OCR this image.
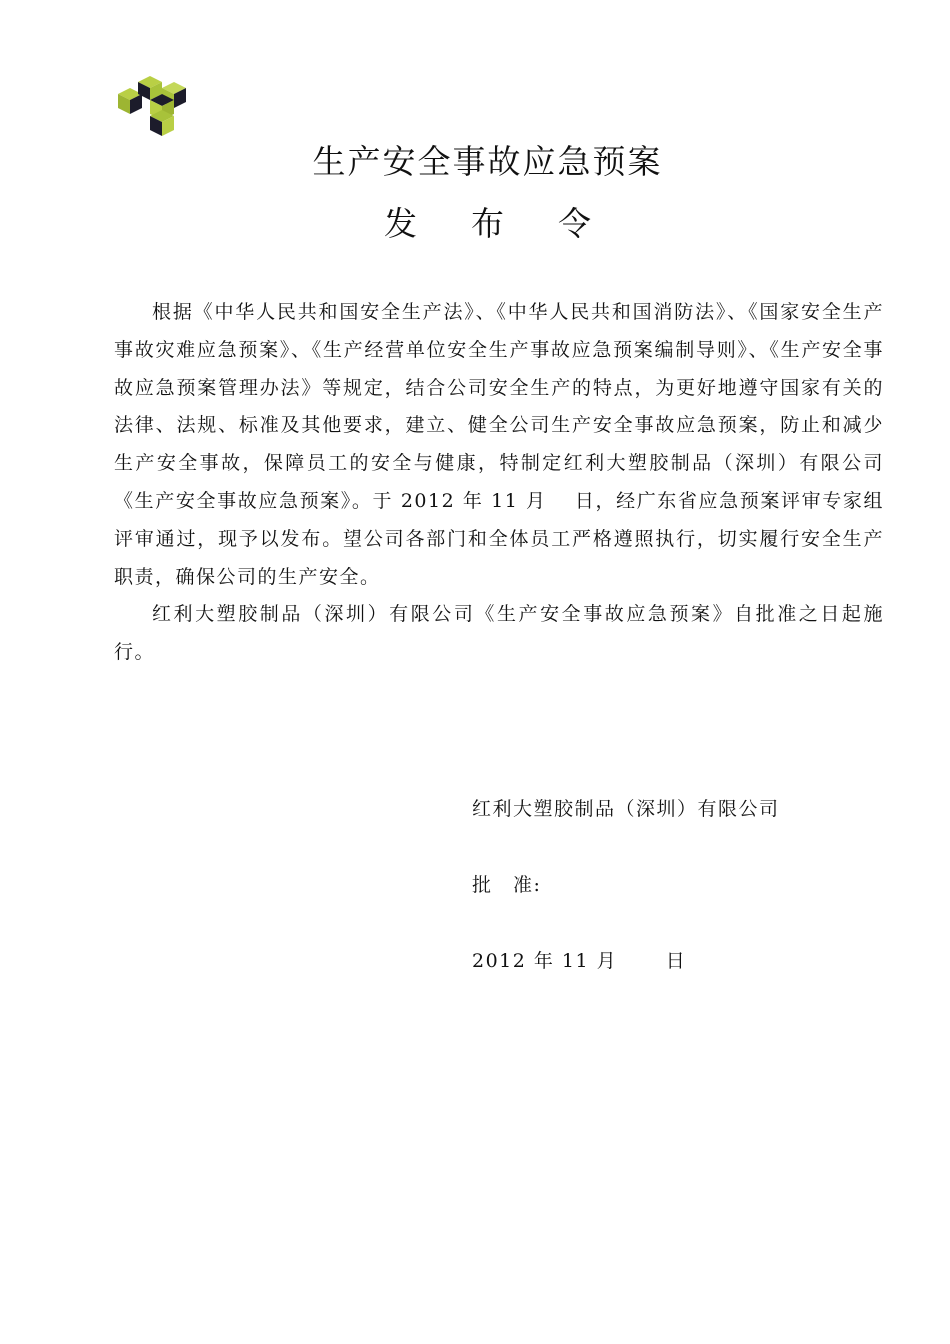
生产安全事故应急预案
发布令

根据《中华人民共和国安全生产法》、《中华人民共和国消防法》、《国家安全生产事故灾难应急预案》、《生产经营单位安全生产事故应急预案编制导则》、《生产安全事故应急预案管理办法》等规定，结合公司安全生产的特点，为更好地遵守国家有关的法律、法规、标准及其他要求，建立、健全公司生产安全事故应急预案，防止和减少生产安全事故，保障员工的安全与健康，特制定红利大塑胶制品（深圳）有限公司《生产安全事故应急预案》。于 2012 年 11 月　 日，经广东省应急预案评审专家组评审通过，现予以发布。望公司各部门和全体员工严格遵照执行，切实履行安全生产职责，确保公司的生产安全。

红利大塑胶制品（深圳）有限公司《生产安全事故应急预案》自批准之日起施行。

红利大塑胶制品（深圳）有限公司
批　准:
2012 年 11 月　　 日
